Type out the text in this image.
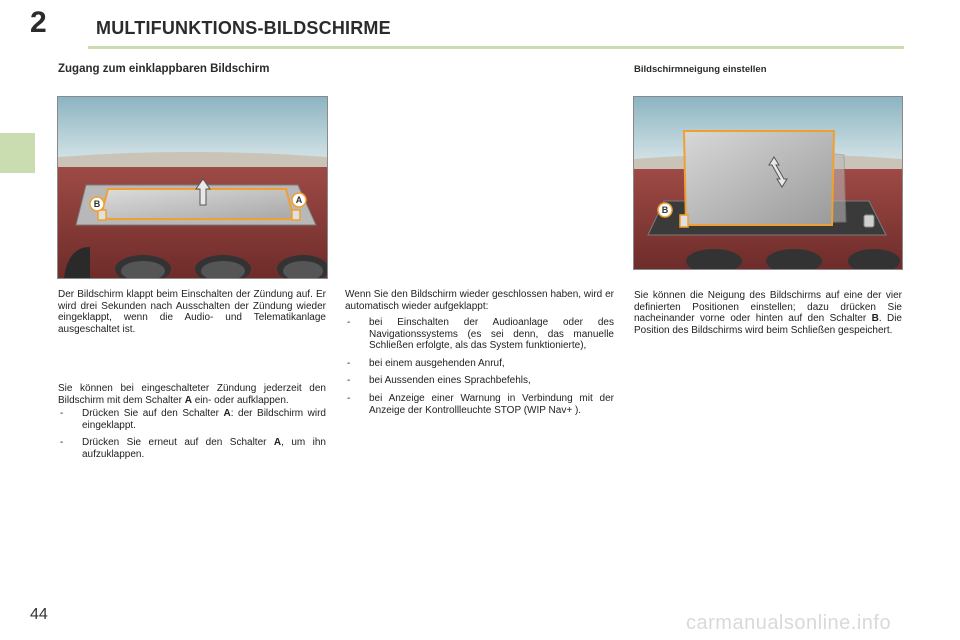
2	MULTIFUNKTIONS-BILDSCHIRME
Zugang zum einklappbaren Bildschirm
B	A
Der Bildschirm klappt beim Einschalten der Zündung auf. Er wird drei Sekunden nach Ausschalten der Zündung wieder eingeklappt, wenn die Audio- und Telematikanlage ausgeschaltet ist.
Sie können bei eingeschalteter Zündung jederzeit den Bildschirm mit dem Schalter A ein- oder aufklappen.
- Drücken Sie auf den Schalter A: der Bildschirm wird eingeklappt.
- Drücken Sie erneut auf den Schalter A, um ihn aufzuklappen.
Wenn Sie den Bildschirm wieder geschlossen haben, wird er automatisch wieder aufgeklappt:
- bei Einschalten der Audioanlage oder des Navigationssystems (es sei denn, das manuelle Schließen erfolgte, als das System funktionierte),
- bei einem ausgehenden Anruf,
- bei Aussenden eines Sprachbefehls,
- bei Anzeige einer Warnung in Verbindung mit der Anzeige der Kontrollleuchte STOP (WIP Nav+ ).
Bildschirmneigung einstellen
B
Sie können die Neigung des Bildschirms auf eine der vier definierten Positionen einstellen; dazu drücken Sie nacheinander vorne oder hinten auf den Schalter B. Die Position des Bildschirms wird beim Schließen gespeichert.
44	carmanualsonline.info
